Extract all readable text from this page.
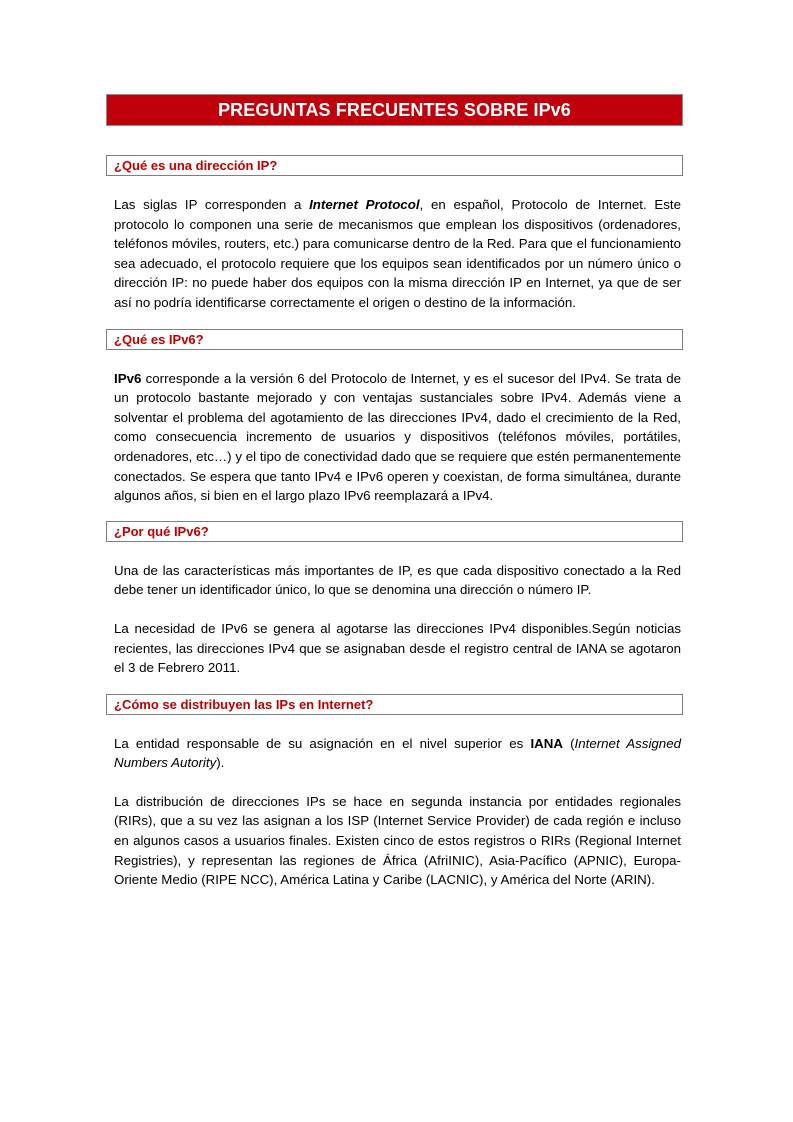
PREGUNTAS FRECUENTES SOBRE IPv6
¿Qué es una dirección IP?

Las siglas IP corresponden a Internet Protocol, en español, Protocolo de Internet. Este protocolo lo componen una serie de mecanismos que emplean los dispositivos (ordenadores, teléfonos móviles, routers, etc.) para comunicarse dentro de la Red. Para que el funcionamiento sea adecuado, el protocolo requiere que los equipos sean identificados por un número único o dirección IP: no puede haber dos equipos con la misma dirección IP en Internet, ya que de ser así no podría identificarse correctamente el origen o destino de la información.

¿Qué es IPv6?

IPv6 corresponde a la versión 6 del Protocolo de Internet, y es el sucesor del IPv4. Se trata de un protocolo bastante mejorado y con ventajas sustanciales sobre IPv4. Además viene a solventar el problema del agotamiento de las direcciones IPv4, dado el crecimiento de la Red, como consecuencia incremento de usuarios y dispositivos (teléfonos móviles, portátiles, ordenadores, etc…) y el tipo de conectividad dado que se requiere que estén permanentemente conectados. Se espera que tanto IPv4 e IPv6 operen y coexistan, de forma simultánea, durante algunos años, si bien en el largo plazo IPv6 reemplazará a IPv4.

¿Por qué IPv6?

Una de las características más importantes de IP, es que cada dispositivo conectado a la Red debe tener un identificador único, lo que se denomina una dirección o número IP.

La necesidad de IPv6 se genera al agotarse las direcciones IPv4 disponibles.Según noticias recientes, las direcciones IPv4 que se asignaban desde el registro central de IANA se agotaron el 3 de Febrero 2011.

¿Cómo se distribuyen las IPs en Internet?

La entidad responsable de su asignación en el nivel superior es IANA (Internet Assigned Numbers Autority).

La distribución de direcciones IPs se hace en segunda instancia por entidades regionales (RIRs), que a su vez las asignan a los ISP (Internet Service Provider) de cada región e incluso en algunos casos a usuarios finales. Existen cinco de estos registros o RIRs (Regional Internet Registries), y representan las regiones de África (AfriINIC), Asia-Pacífico (APNIC), Europa-Oriente Medio (RIPE NCC), América Latina y Caribe (LACNIC), y América del Norte (ARIN).
